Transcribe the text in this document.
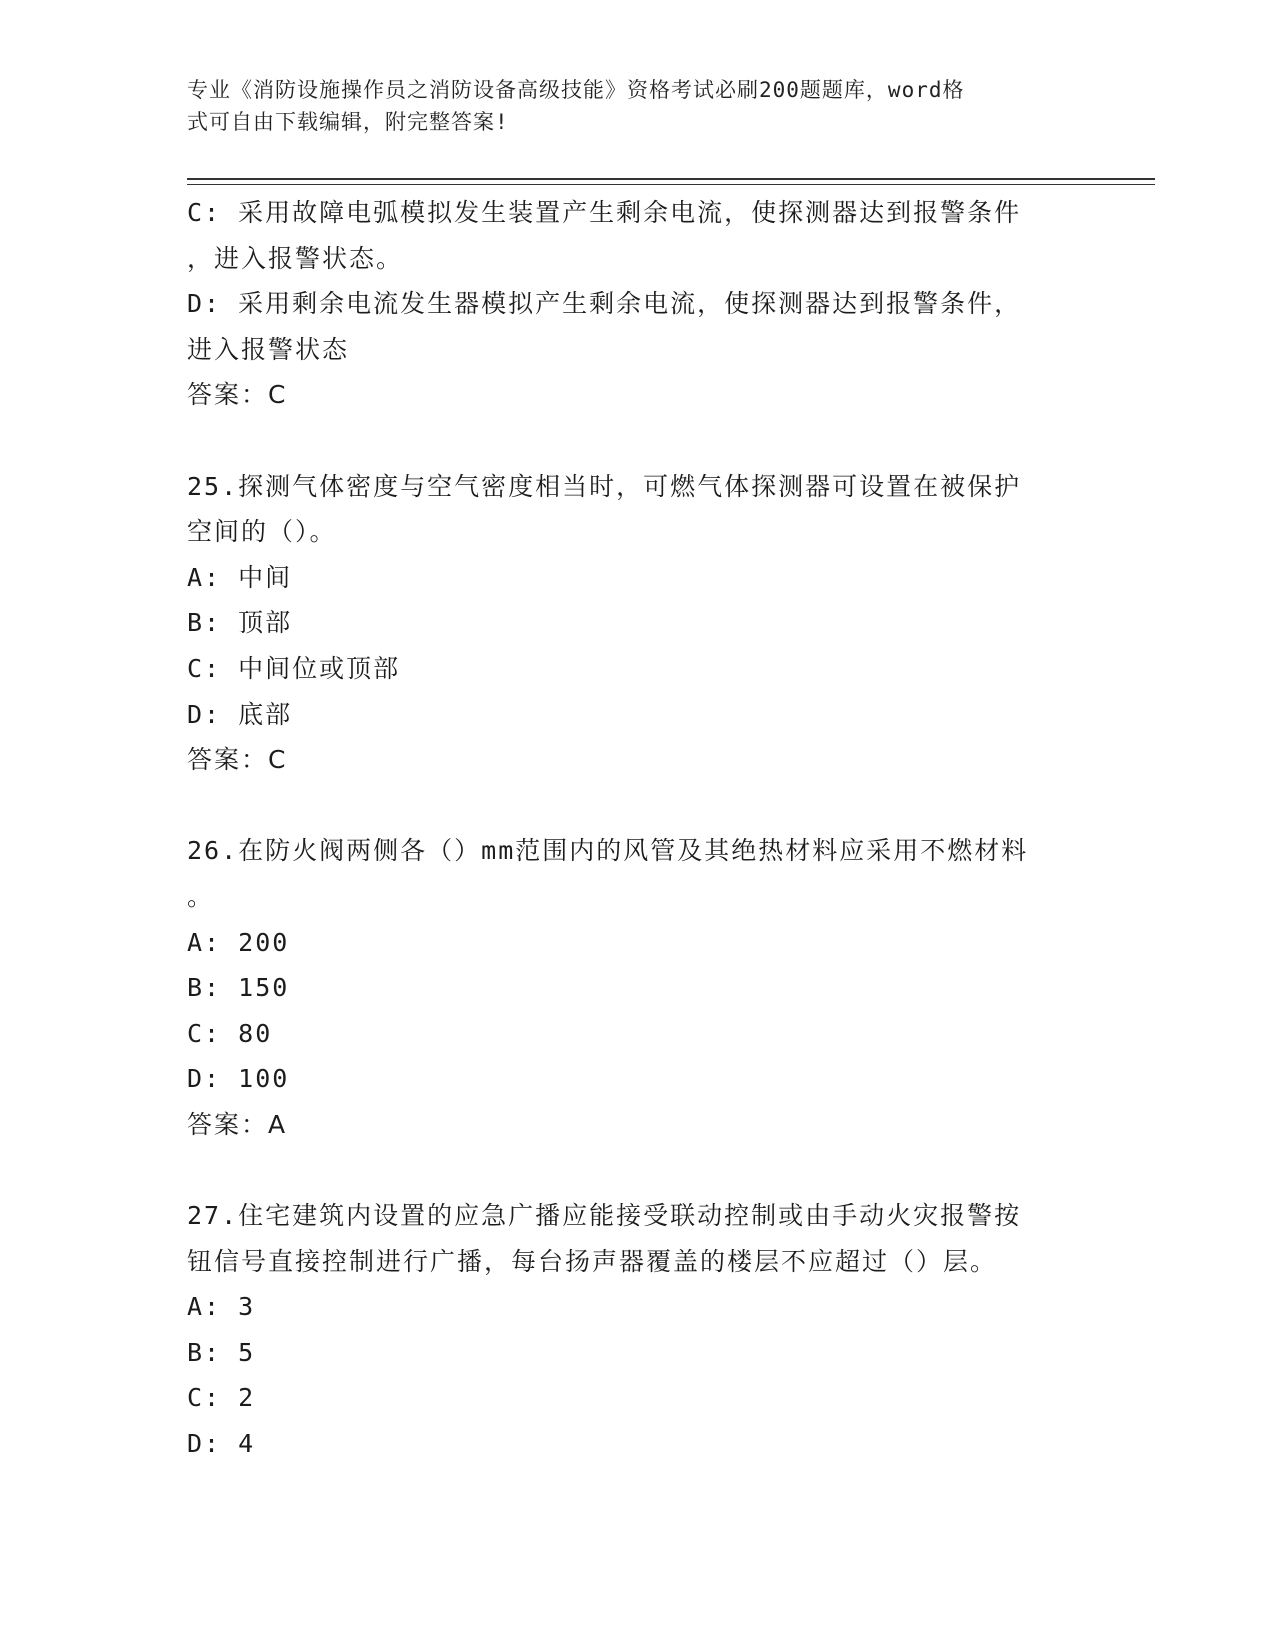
专业《消防设施操作员之消防设备高级技能》资格考试必刷200题题库，word格
式可自由下载编辑，附完整答案!
C: 采用故障电弧模拟发生装置产生剩余电流，使探测器达到报警条件
，进入报警状态。
D: 采用剩余电流发生器模拟产生剩余电流，使探测器达到报警条件，
进入报警状态
答案：C
25.探测气体密度与空气密度相当时，可燃气体探测器可设置在被保护
空间的（）。
A: 中间
B: 顶部
C: 中间位或顶部
D: 底部
答案：C
26.在防火阀两侧各（）mm范围内的风管及其绝热材料应采用不燃材料
。
A: 200
B: 150
C: 80
D: 100
答案：A
27.住宅建筑内设置的应急广播应能接受联动控制或由手动火灾报警按
钮信号直接控制进行广播，每台扬声器覆盖的楼层不应超过（）层。
A: 3
B: 5
C: 2
D: 4
